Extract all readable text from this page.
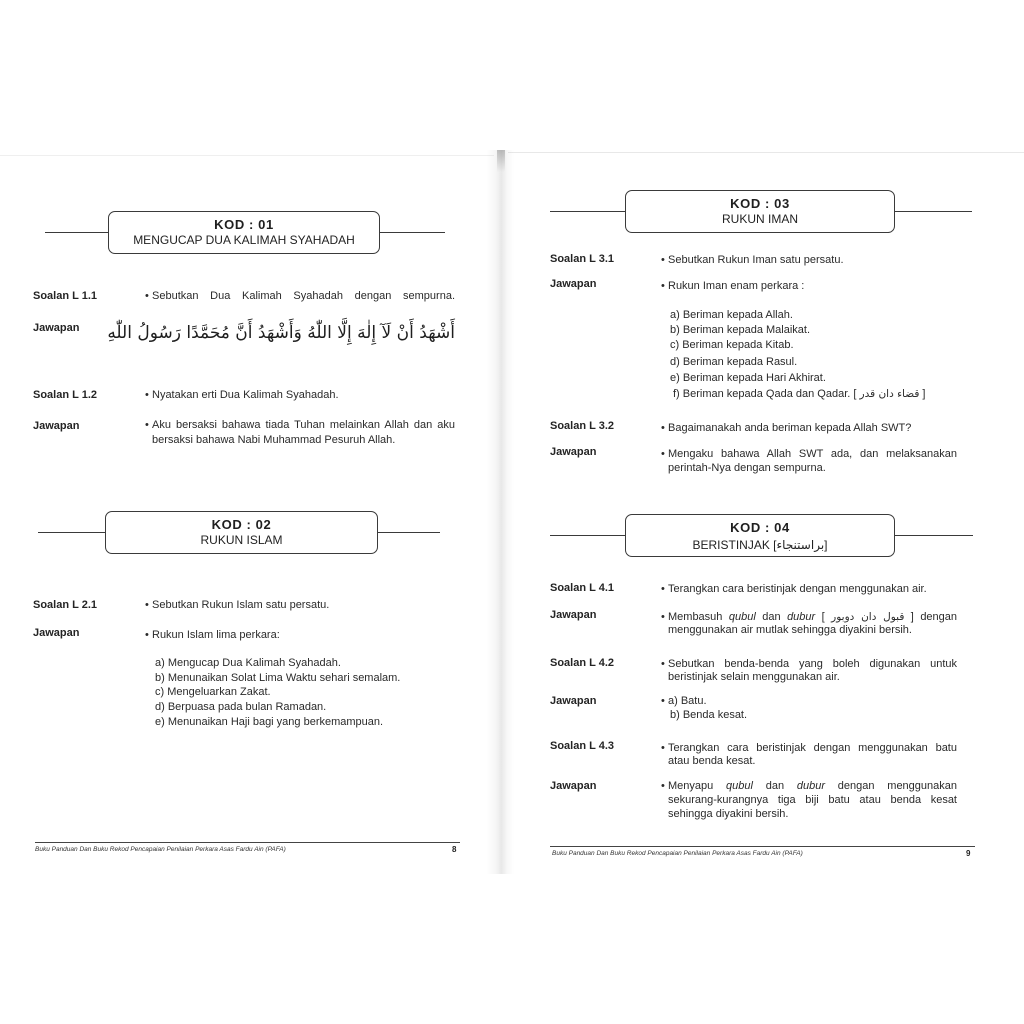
KOD : 01
MENGUCAP DUA KALIMAH SYAHADAH
Soalan L 1.1	• Sebutkan Dua Kalimah Syahadah dengan sempurna.
Jawapan أَشْهَدُ أَنْ لَآ إِلٰهَ إِلَّا اللّٰهُ وَأَشْهَدُ أَنَّ مُحَمَّدًا رَسُولُ اللّٰهِ
Soalan L 1.2	• Nyatakan erti Dua Kalimah Syahadah.
Jawapan	• Aku bersaksi bahawa tiada Tuhan melainkan Allah dan aku
bersaksi bahawa Nabi Muhammad Pesuruh Allah.
KOD : 02
RUKUN ISLAM
Soalan L 2.1	• Sebutkan Rukun Islam satu persatu.
Jawapan	• Rukun Islam lima perkara:
a) Mengucap Dua Kalimah Syahadah.
b) Menunaikan Solat Lima Waktu sehari semalam.
c) Mengeluarkan Zakat.
d) Berpuasa pada bulan Ramadan.
e) Menunaikan Haji bagi yang berkemampuan.
Buku Panduan Dan Buku Rekod Pencapaian Penilaian Perkara Asas Fardu Ain (PAFA)	8
KOD : 03
RUKUN IMAN
Soalan L 3.1	• Sebutkan Rukun Iman satu persatu.
Jawapan	• Rukun Iman enam perkara :
a) Beriman kepada Allah.
b) Beriman kepada Malaikat.
c) Beriman kepada Kitab.
d) Beriman kepada Rasul.
e) Beriman kepada Hari Akhirat.
f) Beriman kepada Qada dan Qadar. [ قضاء دان قدر ]
Soalan L 3.2	• Bagaimanakah anda beriman kepada Allah SWT?
Jawapan	• Mengaku bahawa Allah SWT ada, dan melaksanakan
perintah-Nya dengan sempurna.
KOD : 04
BERISTINJAK [براستنجاء]
Soalan L 4.1	• Terangkan cara beristinjak dengan menggunakan air.
Jawapan	• Membasuh qubul dan dubur [ قبول دان دوبور ] dengan
menggunakan air mutlak sehingga diyakini bersih.
Soalan L 4.2	• Sebutkan benda-benda yang boleh digunakan untuk
beristinjak selain menggunakan air.
Jawapan	• a) Batu.
b) Benda kesat.
Soalan L 4.3	• Terangkan cara beristinjak dengan menggunakan batu
atau benda kesat.
Jawapan	• Menyapu qubul dan dubur dengan menggunakan
sekurang-kurangnya tiga biji batu atau benda kesat
sehingga diyakini bersih.
Buku Panduan Dan Buku Rekod Pencapaian Penilaian Perkara Asas Fardu Ain (PAFA)	9
